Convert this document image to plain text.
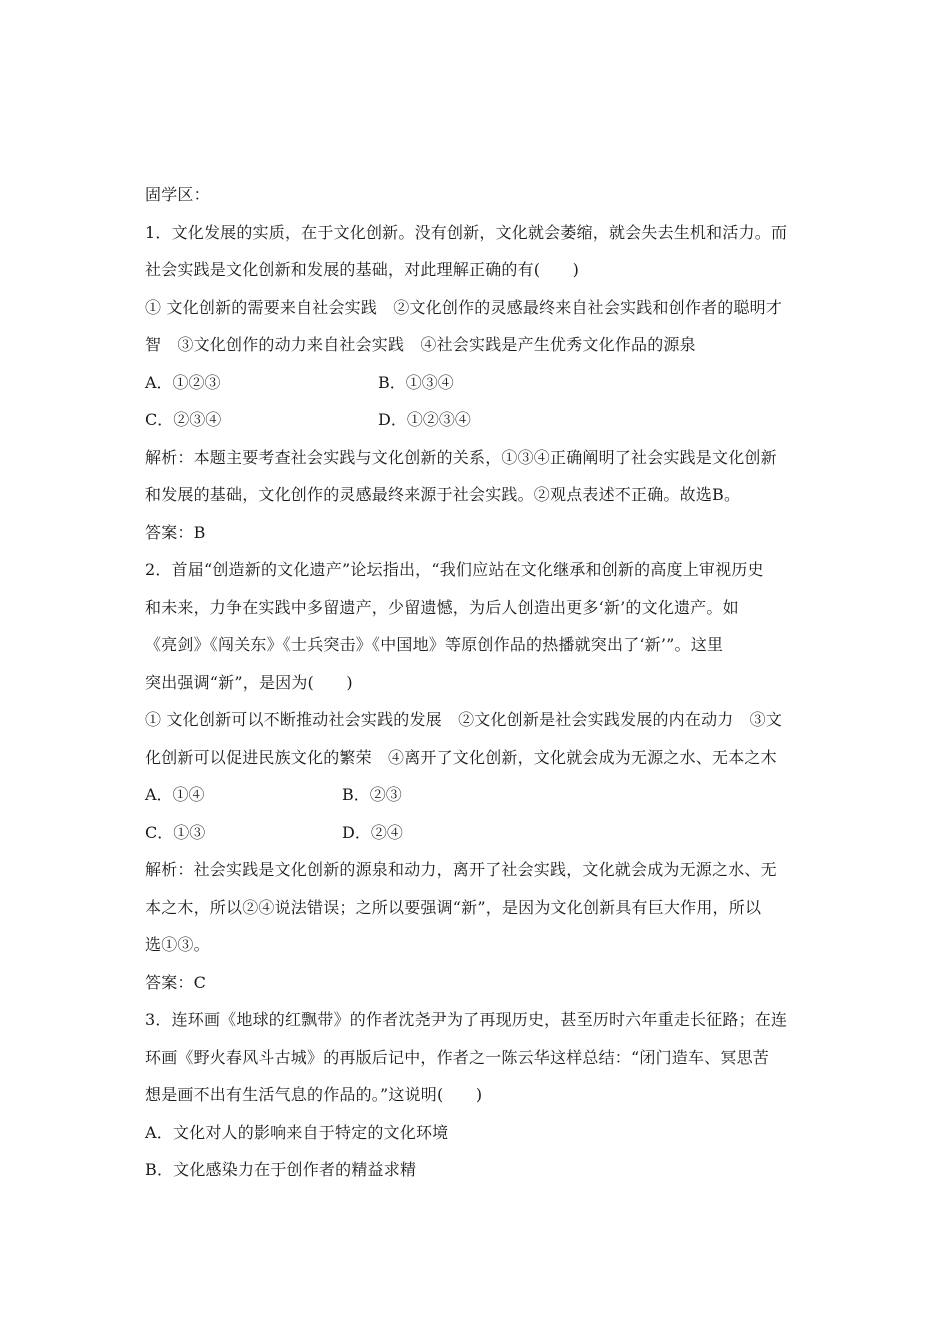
固学区：
1．文化发展的实质，在于文化创新。没有创新，文化就会萎缩，就会失去生机和活力。而
社会实践是文化创新和发展的基础，对此理解正确的有(　　)
① 文化创新的需要来自社会实践　②文化创作的灵感最终来自社会实践和创作者的聪明才
智　③文化创作的动力来自社会实践　④社会实践是产生优秀文化作品的源泉
A．①②③	B．①③④
C．②③④	D．①②③④
解析：本题主要考查社会实践与文化创新的关系，①③④正确阐明了社会实践是文化创新
和发展的基础，文化创作的灵感最终来源于社会实践。②观点表述不正确。故选B。
答案：B
2．首届“创造新的文化遗产”论坛指出，“我们应站在文化继承和创新的高度上审视历史
和未来，力争在实践中多留遗产，少留遗憾，为后人创造出更多‘新’的文化遗产。如
《亮剑》《闯关东》《士兵突击》《中国地》等原创作品的热播就突出了‘新’”。这里
突出强调“新”，是因为(　　)
① 文化创新可以不断推动社会实践的发展　②文化创新是社会实践发展的内在动力　③文
化创新可以促进民族文化的繁荣　④离开了文化创新，文化就会成为无源之水、无本之木
A．①④	B．②③
C．①③	D．②④
解析：社会实践是文化创新的源泉和动力，离开了社会实践，文化就会成为无源之水、无
本之木，所以②④说法错误；之所以要强调“新”，是因为文化创新具有巨大作用，所以
选①③。
答案：C
3．连环画《地球的红飘带》的作者沈尧尹为了再现历史，甚至历时六年重走长征路；在连
环画《野火春风斗古城》的再版后记中，作者之一陈云华这样总结：“闭门造车、冥思苦
想是画不出有生活气息的作品的。”这说明(　　)
A．文化对人的影响来自于特定的文化环境
B．文化感染力在于创作者的精益求精
